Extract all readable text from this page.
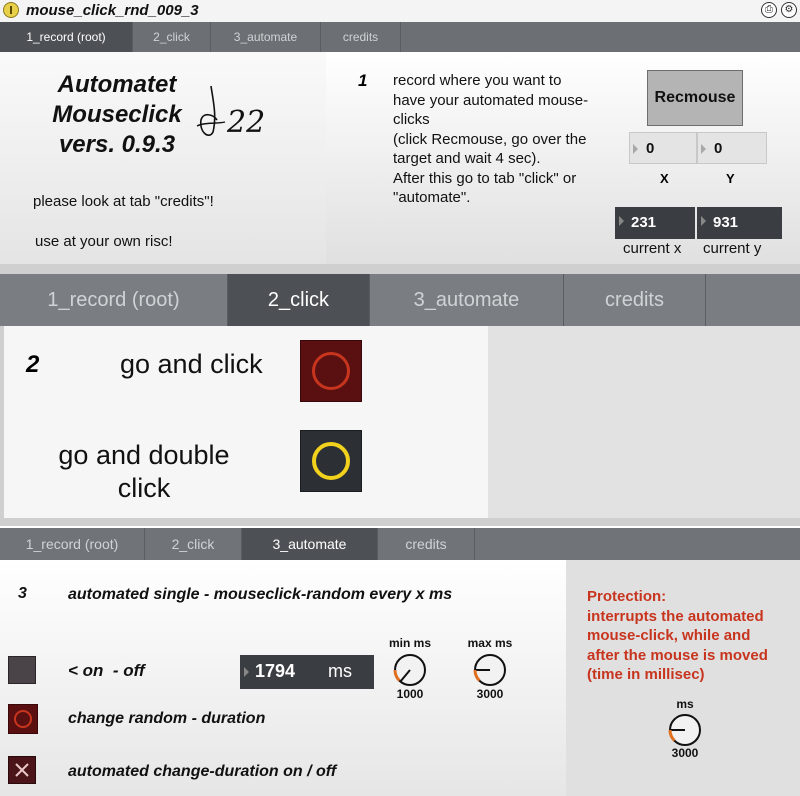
mouse_click_rnd_009_3	⎙	⚙
1_record (root)	2_click	3_automate	credits
Automatet
Mouseclick
vers. 0.9.3
22
please look at tab "credits"!
use at your own risc!
1 record where you want to
have your automated mouse-
clicks
(click Recmouse, go over the
target and wait 4 sec).
After this go to tab "click" or
"automate".
Recmouse
0	0
X	Y
231	931
current x current y
1_record (root)	2_click	3_automate	credits
2	go and click
go and double
click
1_record (root)	2_click	3_automate	credits
3	automated single - mouseclick-random every x ms
< on  - off	1794 ms
min ms
1000
max ms
3000
change random - duration
automated change-duration on / off
Protection:
interrupts the automated
mouse-click, while and
after the mouse is moved
(time in millisec)
ms
3000
